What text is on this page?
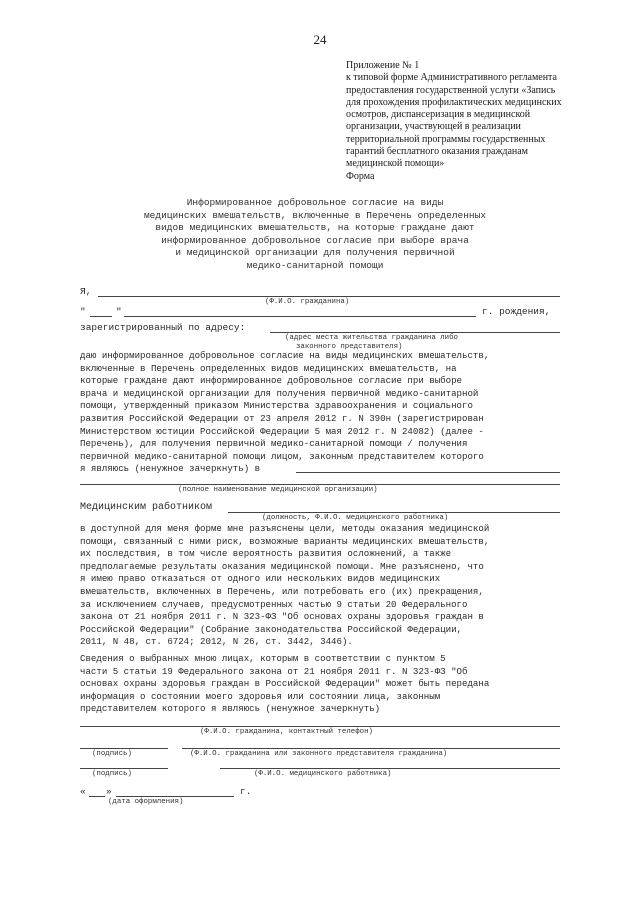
24
Приложение № 1
к типовой форме Административного регламента
предоставления государственной услуги «Запись
для прохождения профилактических медицинских
осмотров, диспансеризация в медицинской
организации, участвующей в реализации
территориальной программы государственных
гарантий бесплатного оказания гражданам
медицинской помощи»
Форма
Информированное добровольное согласие на виды
медицинских вмешательств, включенные в Перечень определенных
видов медицинских вмешательств, на которые граждане дают
информированное добровольное согласие при выборе врача
и медицинской организации для получения первичной
медико-санитарной помощи
Я,
(Ф.И.О. гражданина)
"	"	г. рождения,
зарегистрированный по адресу:
(адрес места жительства гражданина либо
законного представителя)
даю информированное добровольное согласие на виды медицинских вмешательств,
включенные в Перечень определенных видов медицинских вмешательств, на
которые граждане дают информированное добровольное согласие при выборе
врача и медицинской организации для получения первичной медико-санитарной
помощи, утвержденный приказом Министерства здравоохранения и социального
развития Российской Федерации от 23 апреля 2012 г. N 390н (зарегистрирован
Министерством юстиции Российской Федерации 5 мая 2012 г. N 24082) (далее -
Перечень), для получения первичной медико-санитарной помощи / получения
первичной медико-санитарной помощи лицом, законным представителем которого
я являюсь (ненужное зачеркнуть) в
(полное наименование медицинской организации)
Медицинским работником
(должность, Ф.И.О. медицинского работника)
в доступной для меня форме мне разъяснены цели, методы оказания медицинской
помощи, связанный с ними риск, возможные варианты медицинских вмешательств,
их последствия, в том числе вероятность развития осложнений, а также
предполагаемые результаты оказания медицинской помощи. Мне разъяснено, что
я имею право отказаться от одного или нескольких видов медицинских
вмешательств, включенных в Перечень, или потребовать его (их) прекращения,
за исключением случаев, предусмотренных частью 9 статьи 20 Федерального
закона от 21 ноября 2011 г. N 323-ФЗ "Об основах охраны здоровья граждан в
Российской Федерации" (Собрание законодательства Российской Федерации,
2011, N 48, ст. 6724; 2012, N 26, ст. 3442, 3446).
Сведения о выбранных мною лицах, которым в соответствии с пунктом 5
части 5 статьи 19 Федерального закона от 21 ноября 2011 г. N 323-ФЗ "Об
основах охраны здоровья граждан в Российской Федерации" может быть передана
информация о состоянии моего здоровья или состоянии лица, законным
представителем которого я являюсь (ненужное зачеркнуть)
(Ф.И.О. гражданина, контактный телефон)
(подпись)	(Ф.И.О. гражданина или законного представителя гражданина)
(подпись)	(Ф.И.О. медицинского работника)
« »	г.
(дата оформления)
